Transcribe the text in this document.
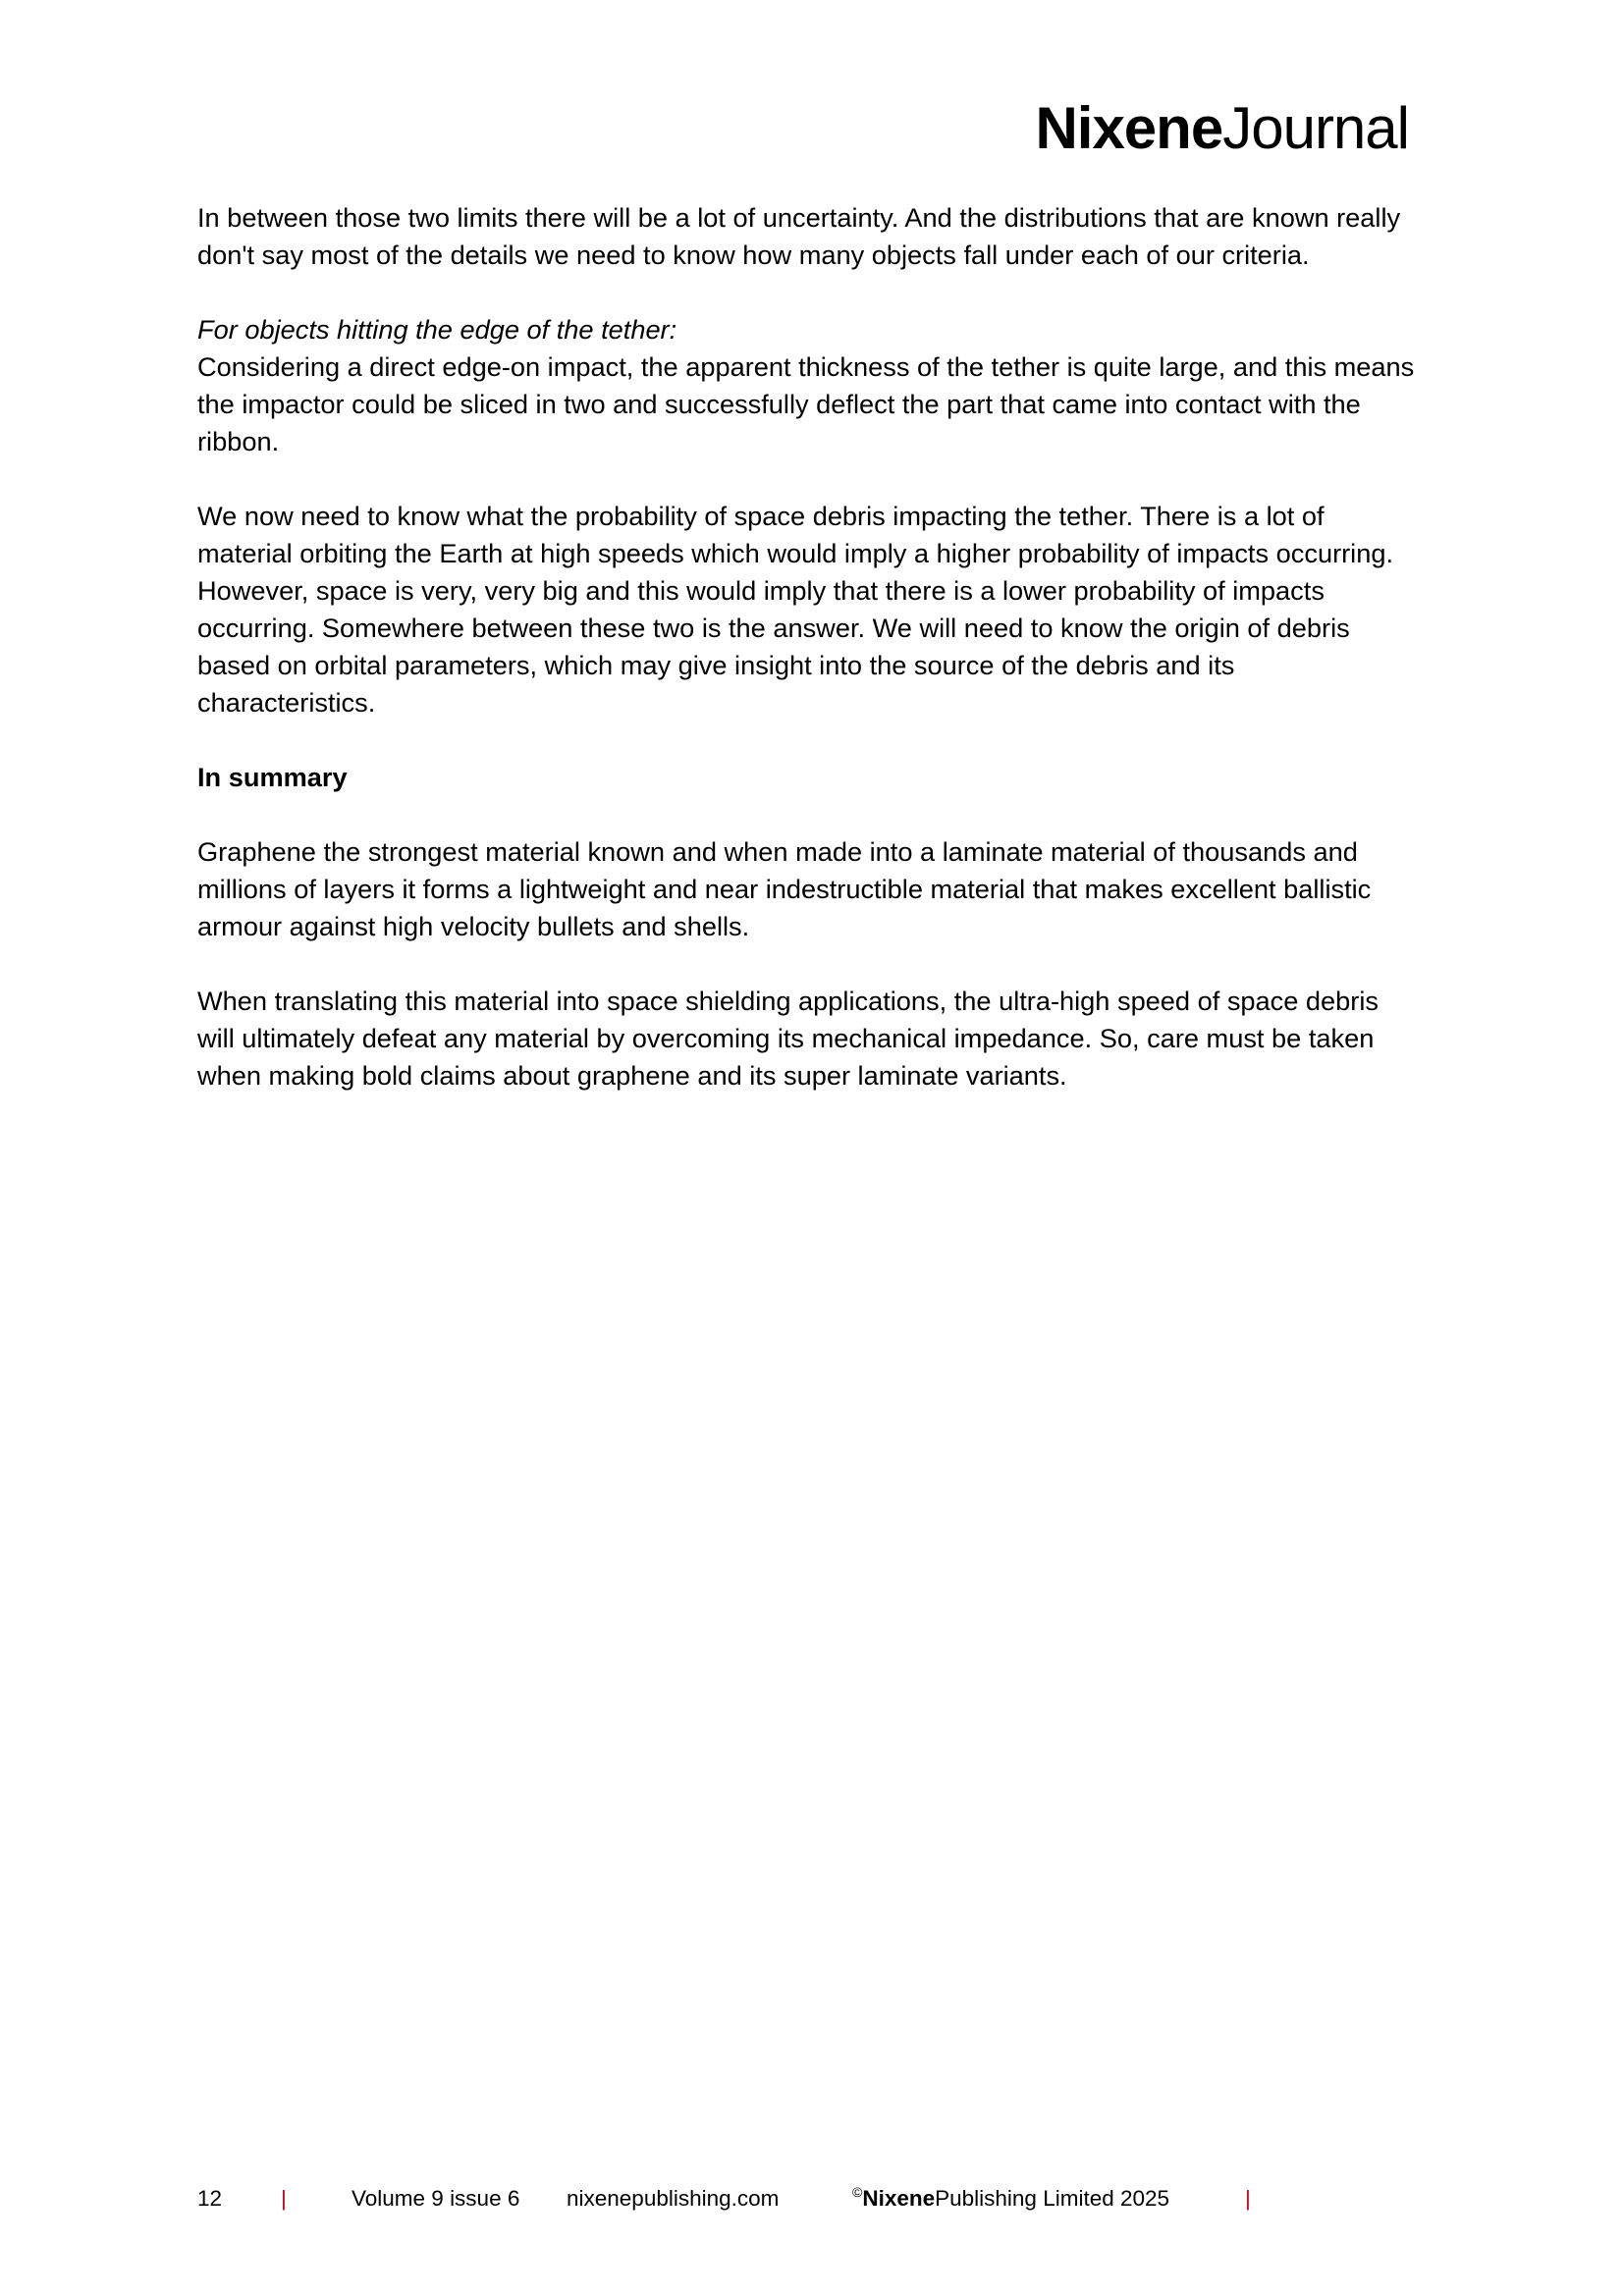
NixeneJournal

In between those two limits there will be a lot of uncertainty. And the distributions that are known really don't say most of the details we need to know how many objects fall under each of our criteria.

For objects hitting the edge of the tether:

Considering a direct edge-on impact, the apparent thickness of the tether is quite large, and this means the impactor could be sliced in two and successfully deflect the part that came into contact with the ribbon.

We now need to know what the probability of space debris impacting the tether. There is a lot of material orbiting the Earth at high speeds which would imply a higher probability of impacts occurring. However, space is very, very big and this would imply that there is a lower probability of impacts occurring. Somewhere between these two is the answer. We will need to know the origin of debris based on orbital parameters, which may give insight into the source of the debris and its characteristics.

In summary

Graphene the strongest material known and when made into a laminate material of thousands and millions of layers it forms a lightweight and near indestructible material that makes excellent ballistic armour against high velocity bullets and shells.

When translating this material into space shielding applications, the ultra-high speed of space debris will ultimately defeat any material by overcoming its mechanical impedance. So, care must be taken when making bold claims about graphene and its super laminate variants.

12	|	Volume 9 issue 6 nixenepublishing.com	©NixenePublishing Limited 2025	|
